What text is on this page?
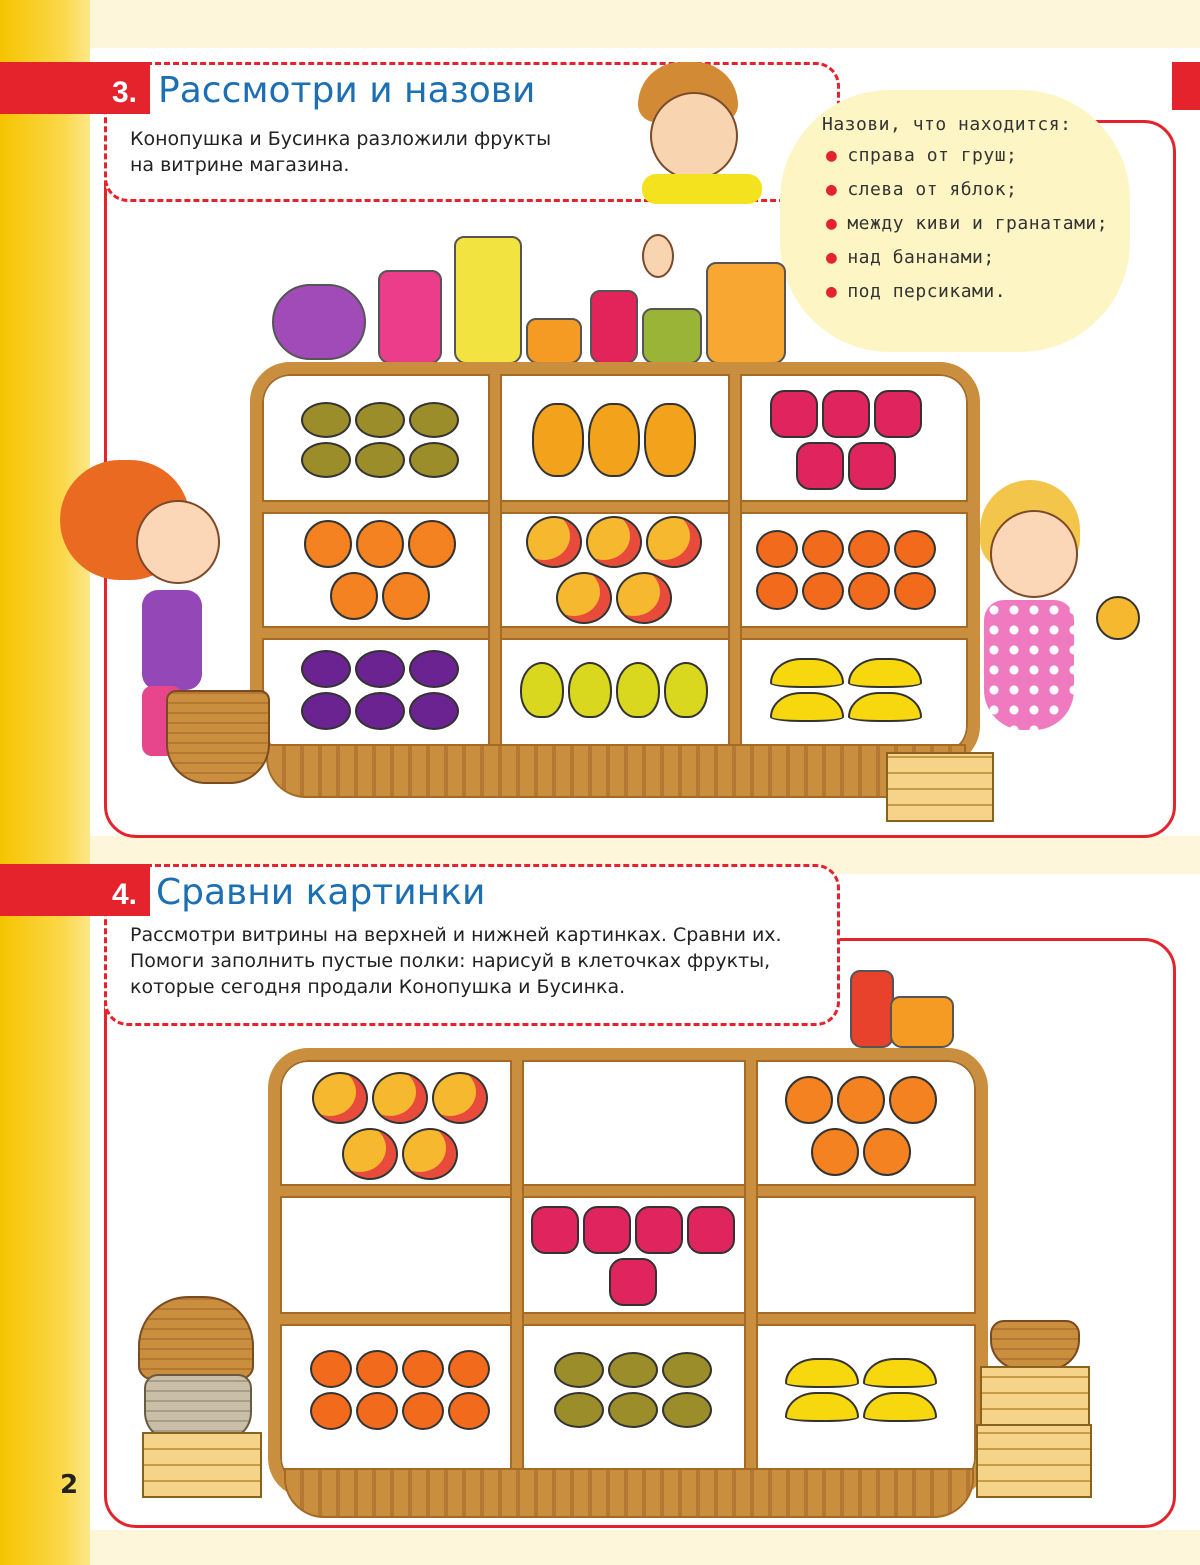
3. Рассмотри и назови
Конопушка и Бусинка разложили фрукты
на витрине магазина.
Назови, что находится:
● справа от груш;
● слева от яблок;
● между киви и гранатами;
● над бананами;
● под персиками.
4. Сравни картинки
Рассмотри витрины на верхней и нижней картинках. Сравни их.
Помоги заполнить пустые полки: нарисуй в клеточках фрукты,
которые сегодня продали Конопушка и Бусинка.
2
